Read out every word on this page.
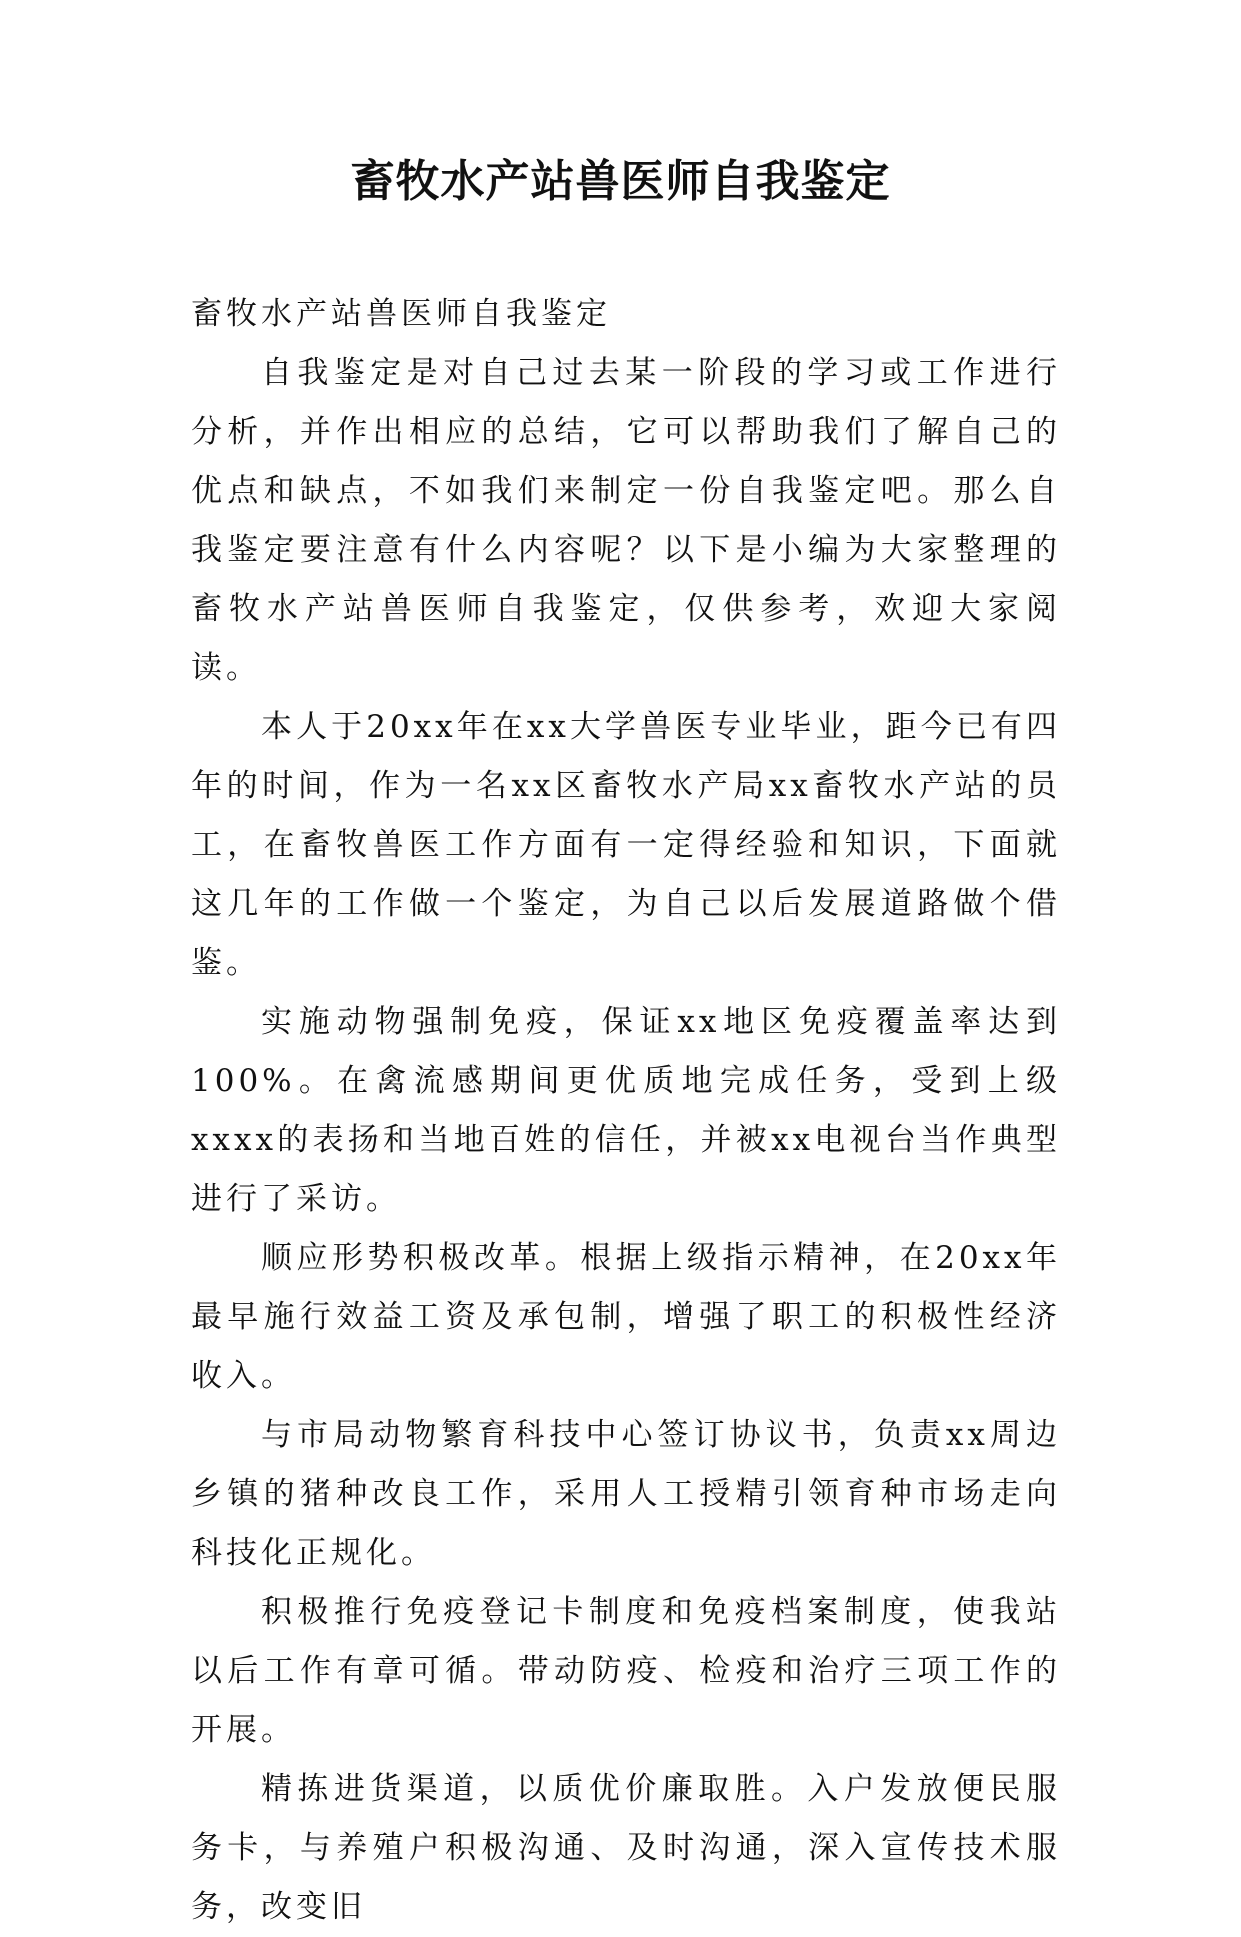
畜牧水产站兽医师自我鉴定

畜牧水产站兽医师自我鉴定

自我鉴定是对自己过去某一阶段的学习或工作进行分析，并作出相应的总结，它可以帮助我们了解自己的优点和缺点，不如我们来制定一份自我鉴定吧。那么自我鉴定要注意有什么内容呢？以下是小编为大家整理的畜牧水产站兽医师自我鉴定，仅供参考，欢迎大家阅读。

本人于20xx年在xx大学兽医专业毕业，距今已有四年的时间，作为一名xx区畜牧水产局xx畜牧水产站的员工，在畜牧兽医工作方面有一定得经验和知识，下面就这几年的工作做一个鉴定，为自己以后发展道路做个借鉴。

实施动物强制免疫，保证xx地区免疫覆盖率达到100%。在禽流感期间更优质地完成任务，受到上级xxxx的表扬和当地百姓的信任，并被xx电视台当作典型进行了采访。

顺应形势积极改革。根据上级指示精神，在20xx年最早施行效益工资及承包制，增强了职工的积极性经济收入。

与市局动物繁育科技中心签订协议书，负责xx周边乡镇的猪种改良工作，采用人工授精引领育种市场走向科技化正规化。

积极推行免疫登记卡制度和免疫档案制度，使我站以后工作有章可循。带动防疫、检疫和治疗三项工作的开展。

精拣进货渠道，以质优价廉取胜。入户发放便民服务卡，与养殖户积极沟通、及时沟通，深入宣传技术服务，改变旧
